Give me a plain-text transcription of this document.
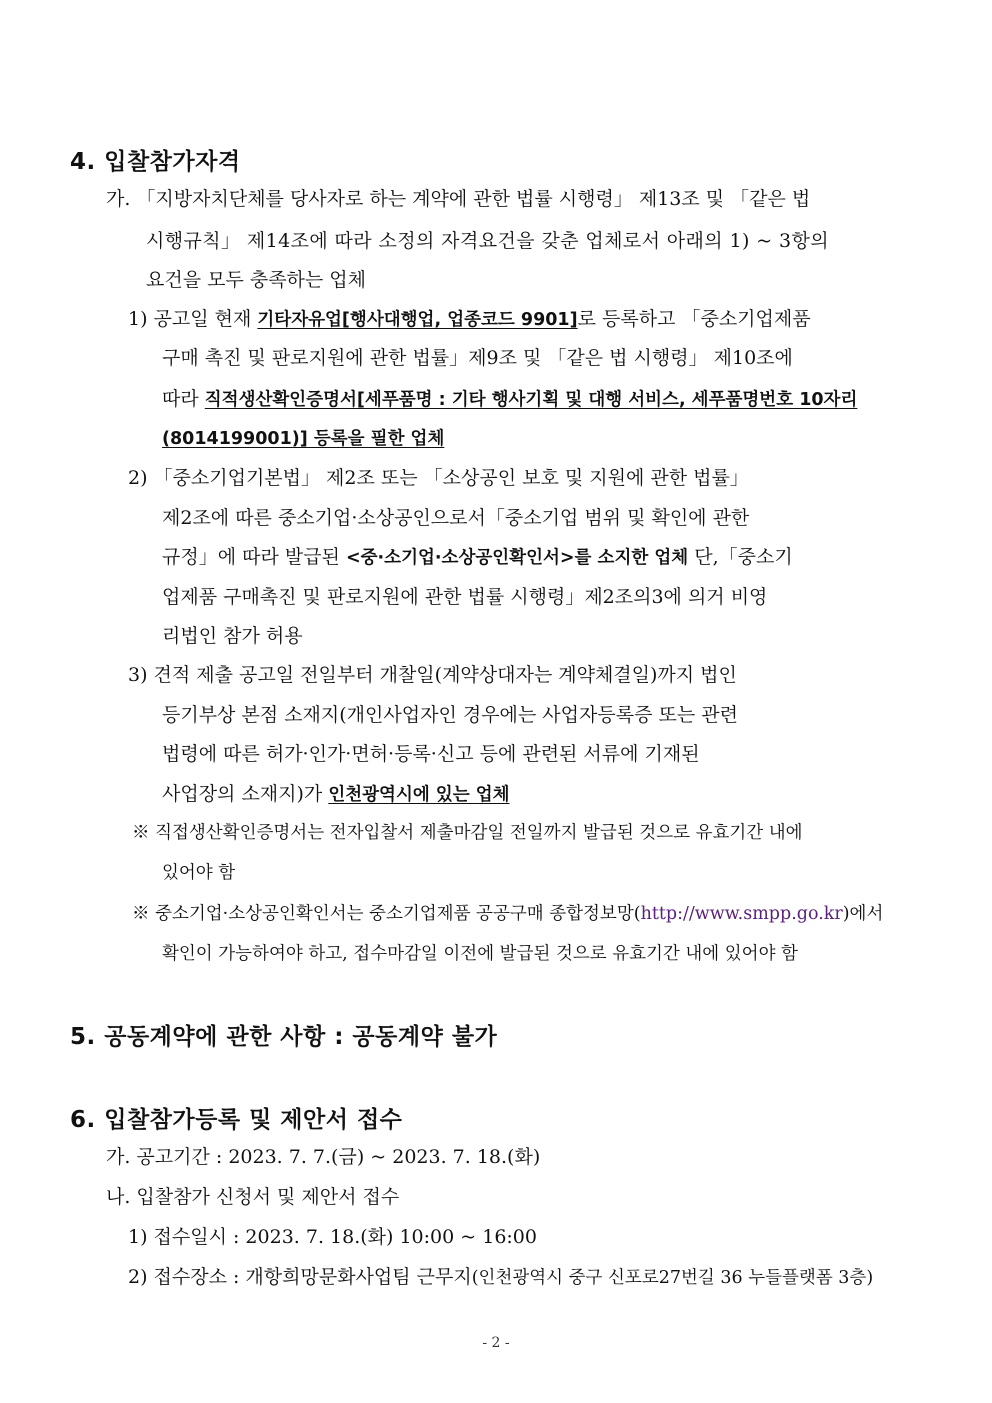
4. 입찰참가자격
가. 「지방자치단체를 당사자로 하는 계약에 관한 법률 시행령」 제13조 및 「같은 법
시행규칙」 제14조에 따라 소정의 자격요건을 갖춘 업체로서 아래의 1) ~ 3항의
요건을 모두 충족하는 업체
1) 공고일 현재 기타자유업[행사대행업, 업종코드 9901]로 등록하고 「중소기업제품
구매 촉진 및 판로지원에 관한 법률」제9조 및 「같은 법 시행령」 제10조에
따라 직적생산확인증명서[세푸품명 : 기타 행사기획 및 대행 서비스, 세푸품명번호 10자리
(8014199001)] 등록을 필한 업체
2) 「중소기업기본법」 제2조 또는 「소상공인 보호 및 지원에 관한 법률」
제2조에 따른 중소기업·소상공인으로서「중소기업 범위 및 확인에 관한
규정」에 따라 발급된 <중·소기업·소상공인확인서>를 소지한 업체 단,「중소기
업제품 구매촉진 및 판로지원에 관한 법률 시행령」제2조의3에 의거 비영
리법인 참가 허용
3) 견적 제출 공고일 전일부터 개찰일(계약상대자는 계약체결일)까지 법인
등기부상 본점 소재지(개인사업자인 경우에는 사업자등록증 또는 관련
법령에 따른 허가·인가·면허·등록·신고 등에 관련된 서류에 기재된
사업장의 소재지)가 인천광역시에 있는 업체
※ 직접생산확인증명서는 전자입찰서 제출마감일 전일까지 발급된 것으로 유효기간 내에
있어야 함
※ 중소기업·소상공인확인서는 중소기업제품 공공구매 종합정보망(http://www.smpp.go.kr)에서
확인이 가능하여야 하고, 접수마감일 이전에 발급된 것으로 유효기간 내에 있어야 함
5. 공동계약에 관한 사항 : 공동계약 불가
6. 입찰참가등록 및 제안서 접수
가. 공고기간 : 2023. 7. 7.(금) ~ 2023. 7. 18.(화)
나. 입찰참가 신청서 및 제안서 접수
1) 접수일시 : 2023. 7. 18.(화) 10:00 ~ 16:00
2) 접수장소 : 개항희망문화사업팀 근무지(인천광역시 중구 신포로27번길 36 누들플랫폼 3층)
- 2 -
